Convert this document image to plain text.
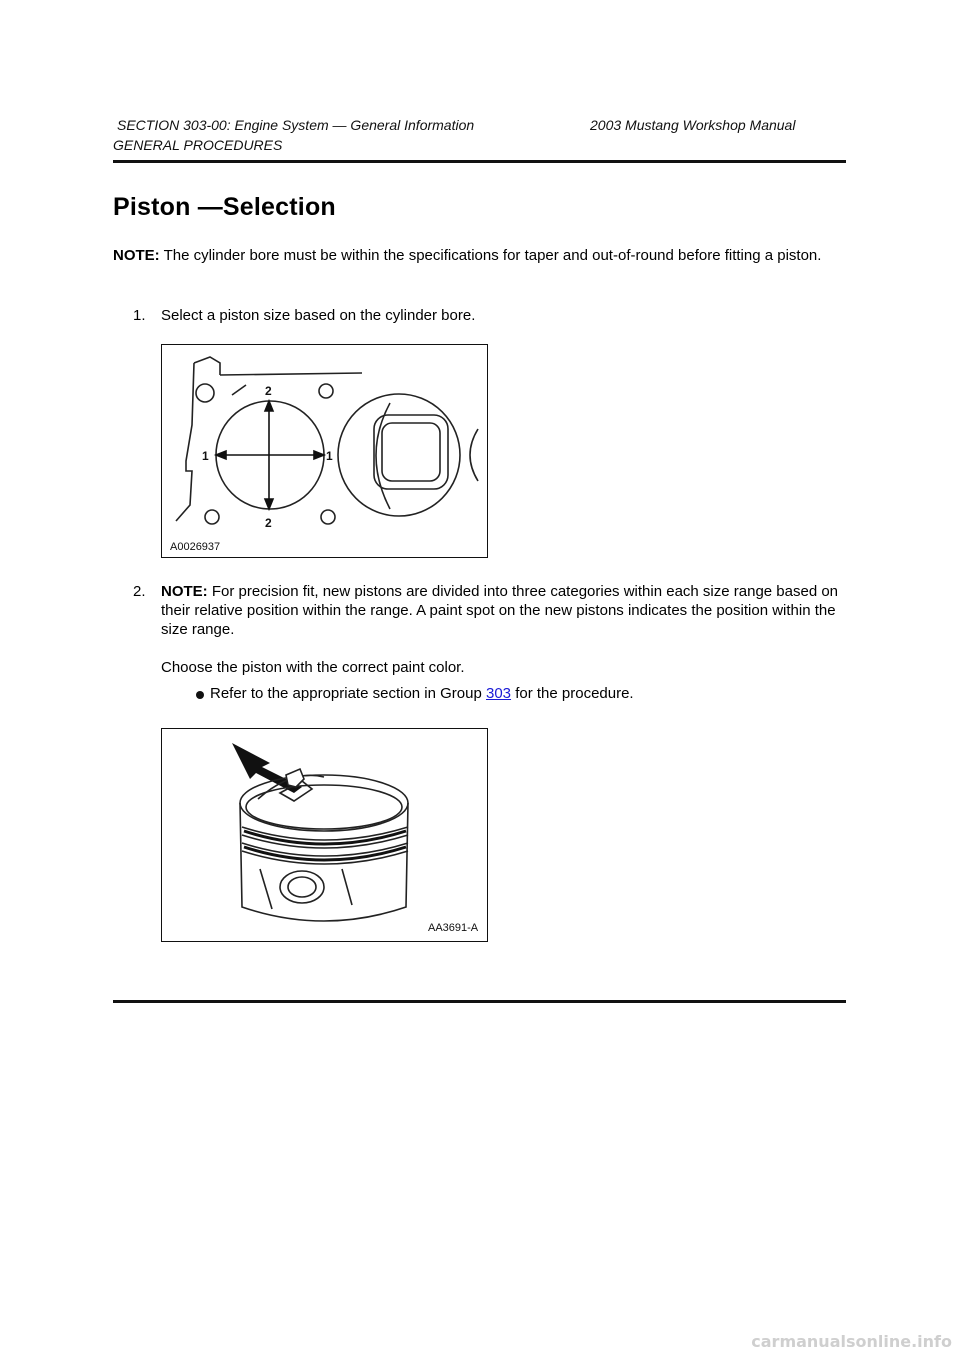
SECTION 303-00: Engine System — General Information	2003 Mustang Workshop Manual
GENERAL PROCEDURES
Piston —Selection
NOTE: The cylinder bore must be within the specifications for taper and out-of-round before fitting a piston.
1. Select a piston size based on the cylinder bore.
2
1	1
2
A0026937
2. NOTE: For precision fit, new pistons are divided into three categories within each size range based on their relative position within the range. A paint spot on the new pistons indicates the position within the size range.
Choose the piston with the correct paint color.
Refer to the appropriate section in Group 303 for the procedure.
AA3691-A
carmanualsonline.info
